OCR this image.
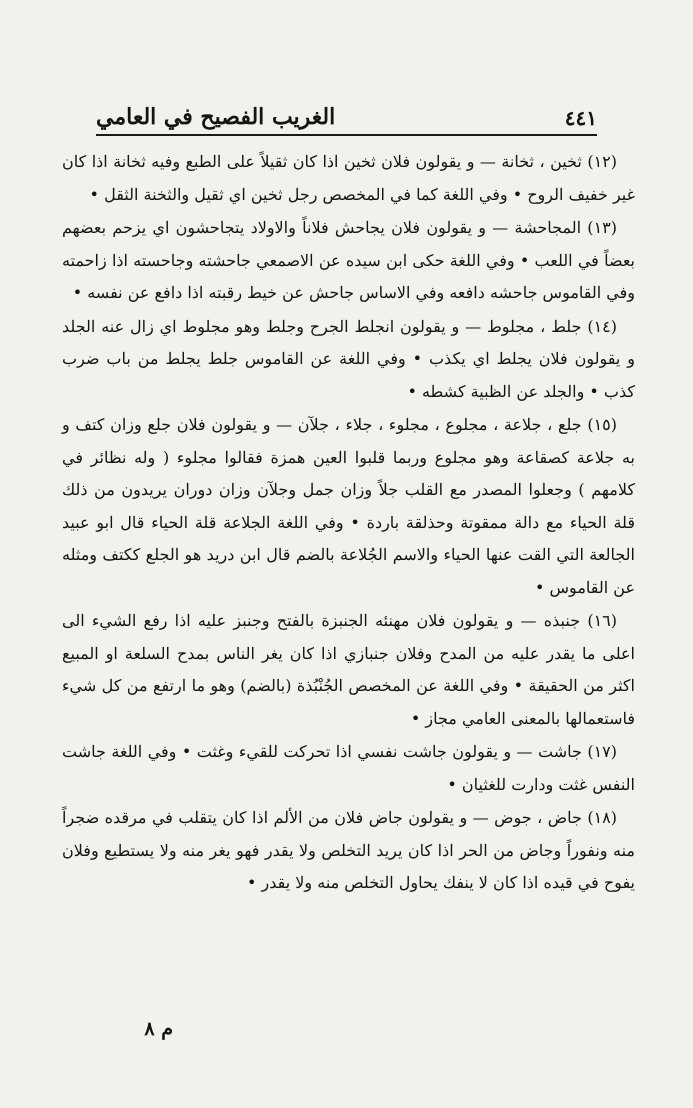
٤٤١
الغريب الفصيح في العامي

(١٢) ثخين ، ثخانة — و يقولون فلان ثخين اذا كان ثقيلاً على الطبع وفيه ثخانة اذا كان غير خفيف الروح • وفي اللغة كما في المخصص رجل ثخين اي ثقيل والثخنة الثقل •

(١٣) المجاحشة — و يقولون فلان يجاحش فلاناً والاولاد يتجاحشون اي يزحم بعضهم بعضاً في اللعب • وفي اللغة حكى ابن سيده عن الاصمعي جاحشته وجاحسته اذا زاحمته وفي القاموس جاحشه دافعه وفي الاساس جاحش عن خيط رقبته اذا دافع عن نفسه •

(١٤) جلط ، مجلوط — و يقولون انجلط الجرح وجلط وهو مجلوط اي زال عنه الجلد و يقولون فلان يجلط اي يكذب • وفي اللغة عن القاموس جلط يجلط من باب ضرب كذب • والجلد عن الظبية كشطه •

(١٥) جلع ، جلاعة ، مجلوع ، مجلوء ، جلاء ، جلآن — و يقولون فلان جلع وزان كتف و به جلاعة كصقاعة وهو مجلوع وربما قلبوا العين همزة فقالوا مجلوء ( وله نظائر في كلامهم ) وجعلوا المصدر مع القلب جلاً وزان جمل وجلآن وزان دوران يريدون من ذلك قلة الحياء مع دالة ممقوتة وحذلقة باردة • وفي اللغة الجلاعة قلة الحياء قال ابو عبيد الجالعة التي القت عنها الحياء والاسم الجُلاعة بالضم قال ابن دريد هو الجلع ككتف ومثله عن القاموس •

(١٦) جنبذه — و يقولون فلان مهنئه الجنبزة بالفتح وجنبز عليه اذا رفع الشيء الى اعلى ما يقدر عليه من المدح وفلان جنبازي اذا كان يغر الناس بمدح السلعة او المبيع اكثر من الحقيقة • وفي اللغة عن المخصص الجُنْبُذة (بالضم) وهو ما ارتفع من كل شيء فاستعمالها بالمعنى العامي مجاز •

(١٧) جاشت — و يقولون جاشت نفسي اذا تحركت للقيء وغثت • وفي اللغة جاشت النفس غثت ودارت للغثيان •

(١٨) جاض ، جوض — و يقولون جاض فلان من الألم اذا كان يتقلب في مرقده ضجراً منه ونفوراً وجاض من الحر اذا كان يريد التخلص ولا يقدر فهو يغر منه ولا يستطيع وفلان يفوح في قيده اذا كان لا ينفك يحاول التخلص منه ولا يقدر •

م ٨
